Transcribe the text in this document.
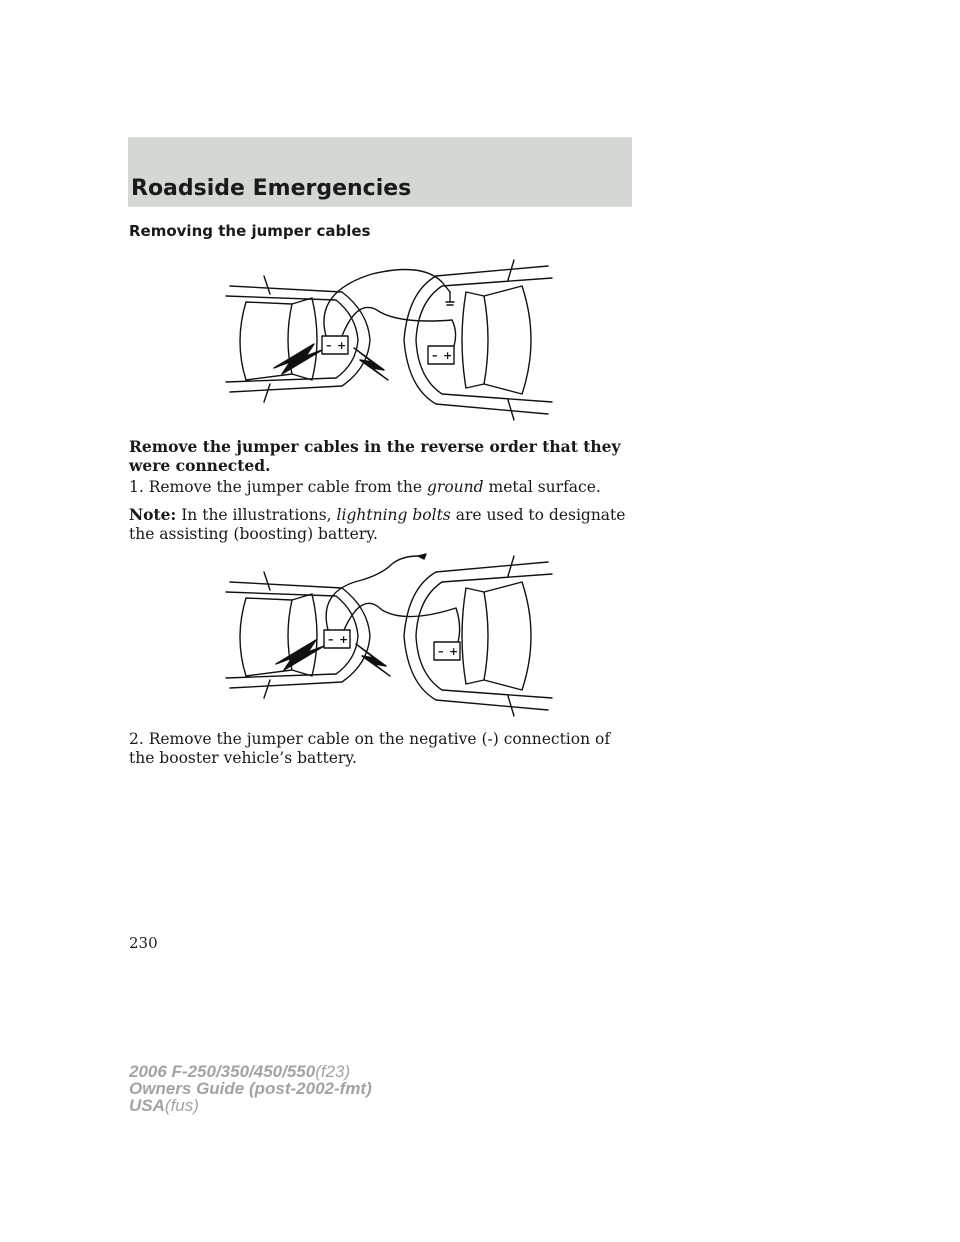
Roadside Emergencies
Removing the jumper cables
– +
– +
Remove the jumper cables in the reverse order that they were connected.
1. Remove the jumper cable from the ground metal surface.
Note: In the illustrations, lightning bolts are used to designate the assisting (boosting) battery.
– +
– +
2. Remove the jumper cable on the negative (-) connection of the booster vehicle’s battery.
230
2006 F-250/350/450/550(f23)
Owners Guide (post-2002-fmt)
USA(fus)
